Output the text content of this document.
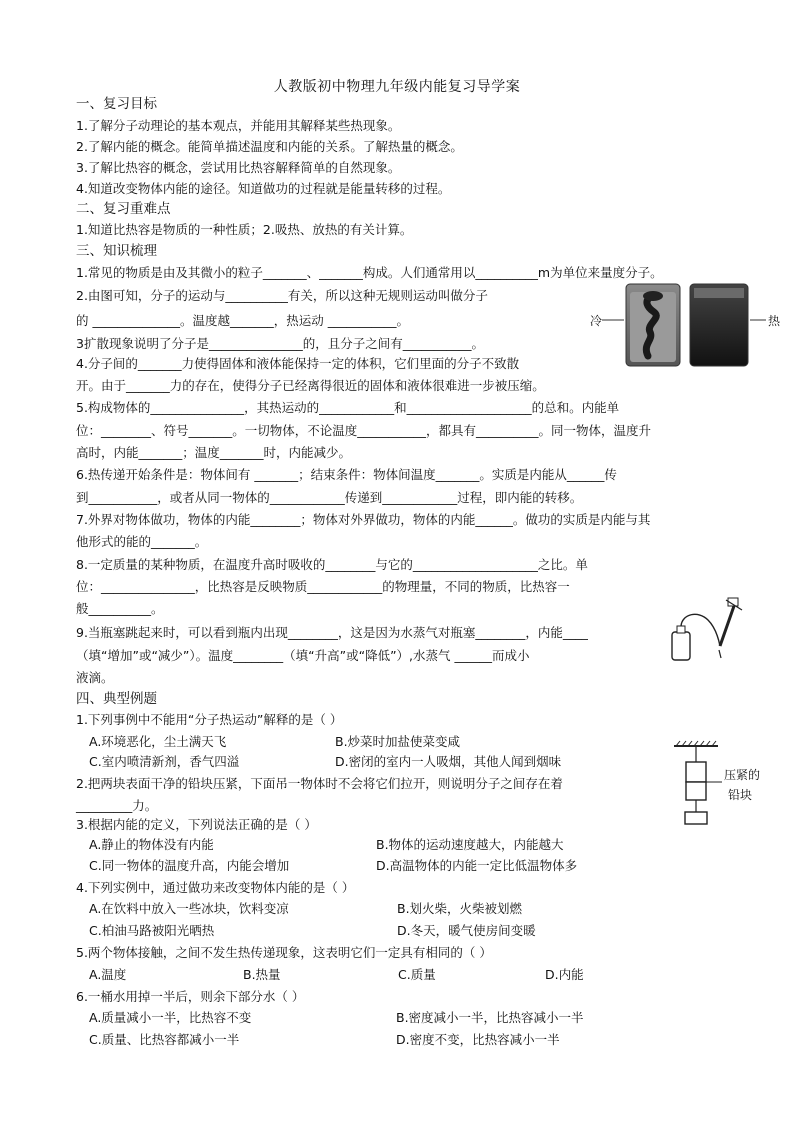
人教版初中物理九年级内能复习导学案
一、复习目标
1.了解分子动理论的基本观点，并能用其解释某些热现象。
2.了解内能的概念。能简单描述温度和内能的关系。了解热量的概念。
3.了解比热容的概念，尝试用比热容解释简单的自然现象。
4.知道改变物体内能的途径。知道做功的过程就是能量转移的过程。
二、复习重难点
1.知道比热容是物质的一种性质；2.吸热、放热的有关计算。
三、知识梳理
1.常见的物质是由及其微小的粒子_______、_______构成。人们通常用以__________m为单位来量度分子。
2.由图可知，分子的运动与__________有关，所以这种无规则运动叫做分子
的 ______________。温度越_______，热运动 ___________。
3扩散现象说明了分子是_______________的，且分子之间有___________。
4.分子间的_______力使得固体和液体能保持一定的体积，它们里面的分子不致散
开。由于_______力的存在，使得分子已经离得很近的固体和液体很难进一步被压缩。
5.构成物体的_______________，其热运动的____________和____________________的总和。内能单
位：________、符号_______。一切物体，不论温度___________，都具有__________。同一物体，温度升
高时，内能_______；温度_______时，内能减少。
6.热传递开始条件是：物体间有 _______；结束条件：物体间温度_______。实质是内能从______传
到___________，或者从同一物体的____________传递到____________过程，即内能的转移。
7.外界对物体做功，物体的内能________；物体对外界做功，物体的内能______。做功的实质是内能与其
他形式的能的_______。
8.一定质量的某种物质，在温度升高时吸收的________与它的____________________之比。单
位：_______________，比热容是反映物质____________的物理量，不同的物质，比热容一
般__________。
9.当瓶塞跳起来时，可以看到瓶内出现________，这是因为水蒸气对瓶塞________，内能____
（填“增加”或“减少”）。温度________（填“升高”或“降低”）,水蒸气 ______而成小
液滴。
四、典型例题
1.下列事例中不能用“分子热运动”解释的是（ ）
A.环境恶化，尘土满天飞	B.炒菜时加盐使菜变咸
C.室内喷清新剂，香气四溢	D.密闭的室内一人吸烟，其他人闻到烟味
2.把两块表面干净的铅块压紧，下面吊一物体时不会将它们拉开，则说明分子之间存在着
_________力。
3.根据内能的定义，下列说法正确的是（ ）
A.静止的物体没有内能	B.物体的运动速度越大，内能越大
C.同一物体的温度升高，内能会增加	D.高温物体的内能一定比低温物体多
4.下列实例中，通过做功来改变物体内能的是（ ）
A.在饮料中放入一些冰块，饮料变凉	B.划火柴，火柴被划燃
C.柏油马路被阳光晒热	D.冬天，暖气使房间变暖
5.两个物体接触，之间不发生热传递现象，这表明它们一定具有相同的（ ）
A.温度	B.热量	C.质量	D.内能
6.一桶水用掉一半后，则余下部分水（ ）
A.质量减小一半，比热容不变	B.密度减小一半，比热容减小一半
C.质量、比热容都减小一半	D.密度不变，比热容减小一半
冷	热
压紧的
铅块
